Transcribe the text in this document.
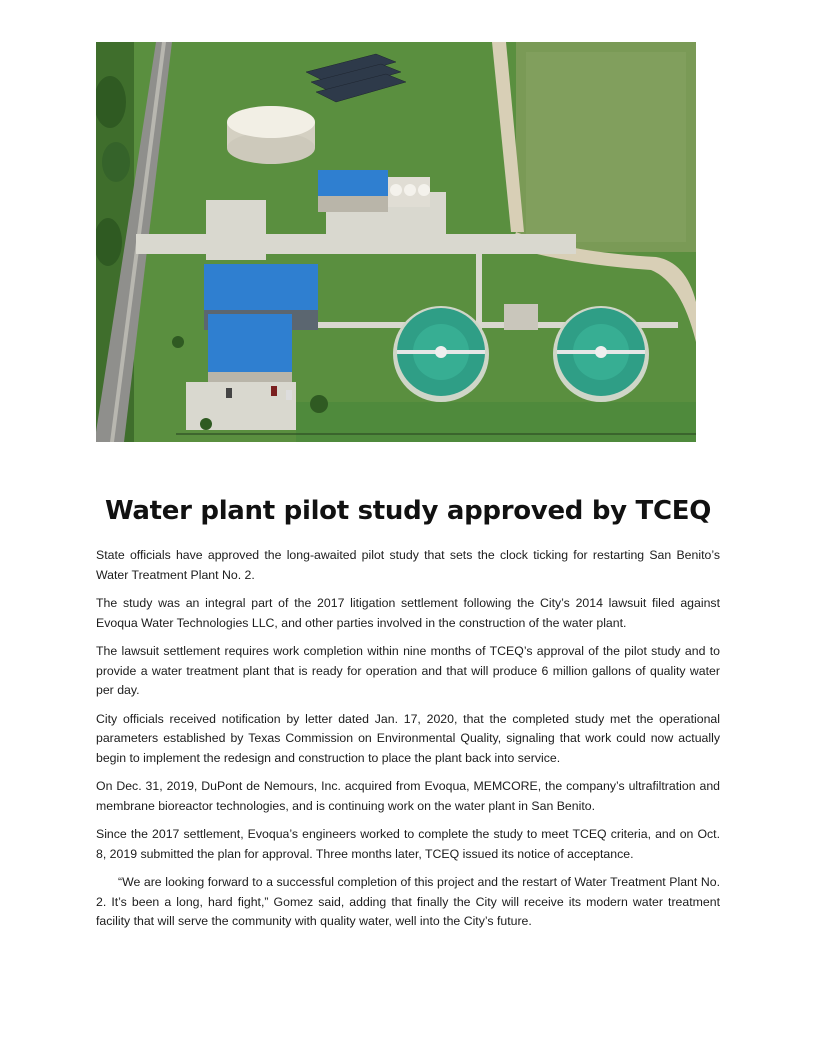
Water plant pilot study approved by TCEQ

State officials have approved the long-awaited pilot study that sets the clock ticking for restarting San Benito’s Water Treatment Plant No. 2.

The study was an integral part of the 2017 litigation settlement following the City’s 2014 lawsuit filed against Evoqua Water Technologies LLC, and other parties involved in the construction of the water plant.

The lawsuit settlement requires work completion within nine months of TCEQ’s approval of the pilot study and to provide a water treatment plant that is ready for operation and that will produce 6 million gallons of quality water per day.

City officials received notification by letter dated Jan. 17, 2020, that the completed study met the operational parameters established by Texas Commission on Environmental Quality, signaling that work could now actually begin to implement the redesign and construction to place the plant back into service.

On Dec. 31, 2019, DuPont de Nemours, Inc. acquired from Evoqua, MEMCORE, the company’s ultrafiltration and membrane bioreactor technologies, and is continuing work on the water plant in San Benito.

Since the 2017 settlement, Evoqua’s engineers worked to complete the study to meet TCEQ criteria, and on Oct. 8, 2019 submitted the plan for approval. Three months later, TCEQ issued its notice of acceptance.

“We are looking forward to a successful completion of this project and the restart of Water Treatment Plant No. 2. It’s been a long, hard fight,” Gomez said, adding that finally the City will receive its modern water treatment facility that will serve the community with quality water, well into the City’s future.
